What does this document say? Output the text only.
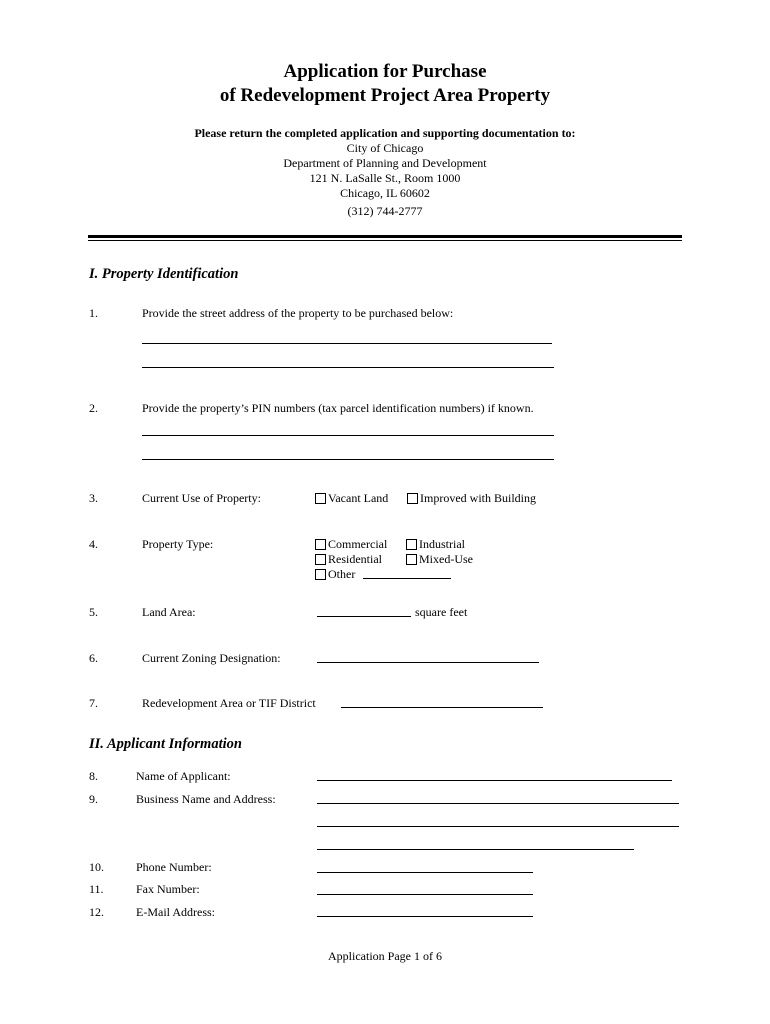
Application for Purchase
of Redevelopment Project Area Property
Please return the completed application and supporting documentation to:
City of Chicago
Department of Planning and Development
121 N. LaSalle St., Room 1000
Chicago, IL 60602
(312) 744-2777
I. Property Identification
1.	Provide the street address of the property to be purchased below:
2.	Provide the property’s PIN numbers (tax parcel identification numbers) if known.
3.	Current Use of Property:	Vacant Land	Improved with Building
4.	Property Type:	Commercial	Industrial
Residential	Mixed-Use
Other
5.	Land Area:	square feet
6.	Current Zoning Designation:
7.	Redevelopment Area or TIF District
II. Applicant Information
8.	Name of Applicant:
9.	Business Name and Address:
10.	Phone Number:
11.	Fax Number:
12.	E-Mail Address:
Application Page 1 of 6
